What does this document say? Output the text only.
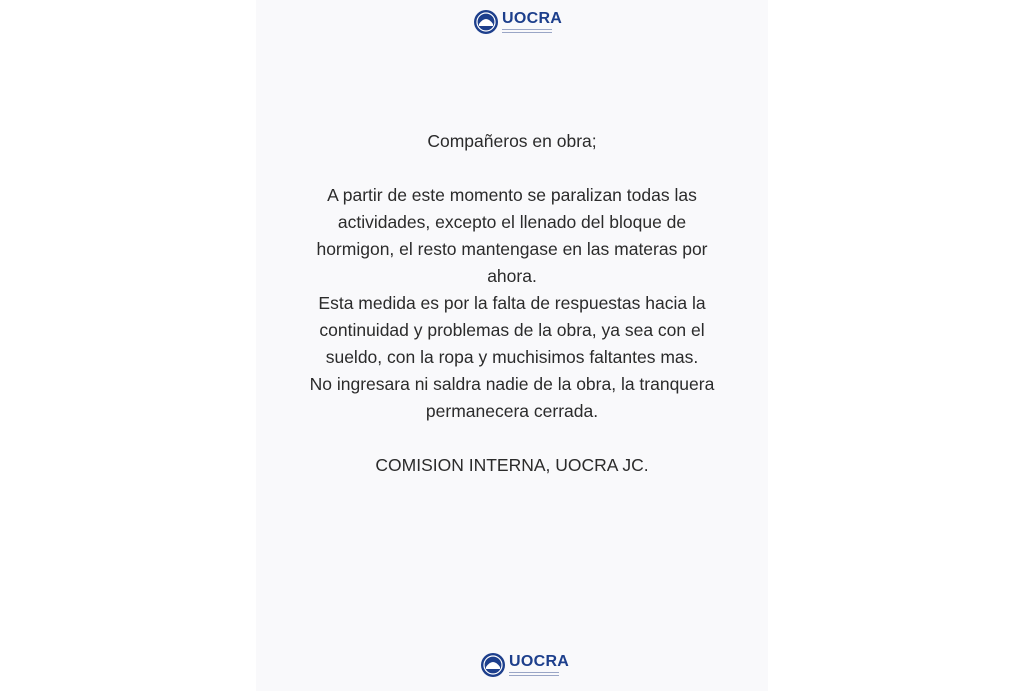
UOCRA

Compañeros en obra;

A partir de este momento se paralizan todas las

actividades, excepto el llenado del bloque de

hormigon, el resto mantengase en las materas por

ahora.

Esta medida es por la falta de respuestas hacia la

continuidad y problemas de la obra, ya sea con el

sueldo, con la ropa y muchisimos faltantes mas.

No ingresara ni saldra nadie de la obra, la tranquera

permanecera cerrada.

COMISION INTERNA, UOCRA JC.

UOCRA
